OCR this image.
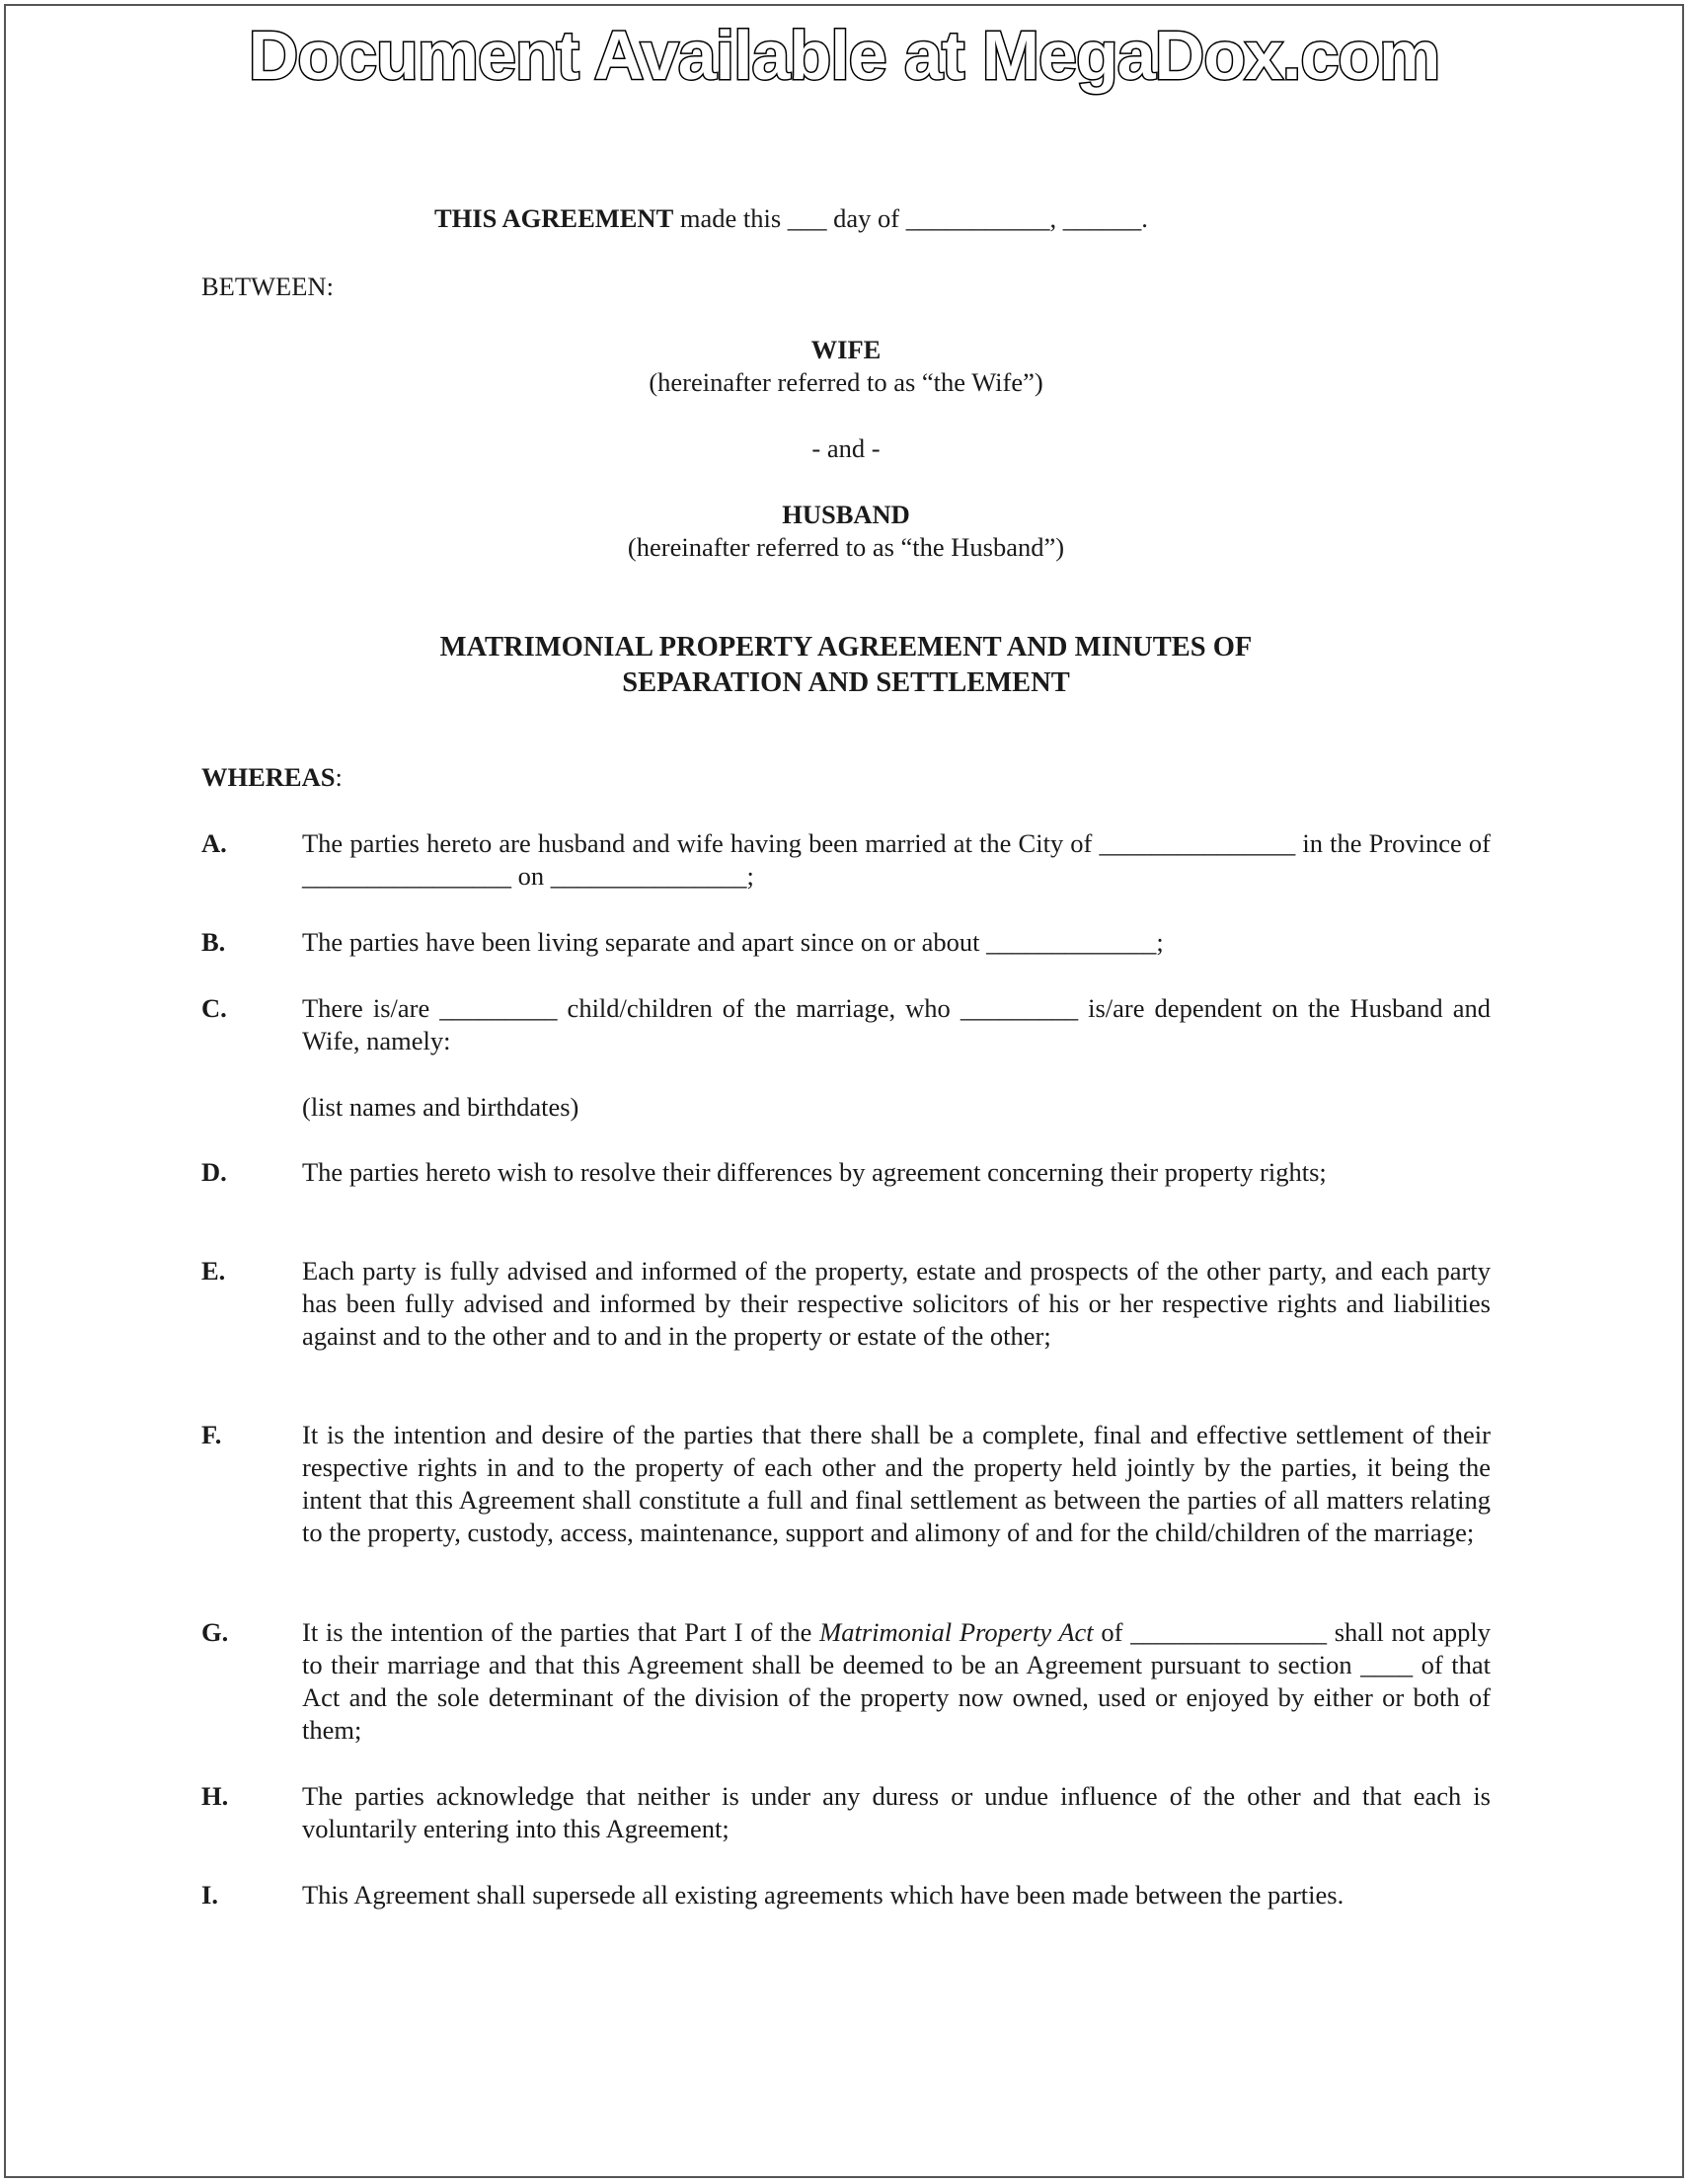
Document Available at MegaDox.com
THIS AGREEMENT made this ___ day of ___________, ______.
BETWEEN:
WIFE
(hereinafter referred to as “the Wife”)
- and -
HUSBAND
(hereinafter referred to as “the Husband”)
MATRIMONIAL PROPERTY AGREEMENT AND MINUTES OF
SEPARATION AND SETTLEMENT
WHEREAS:
A.	The parties hereto are husband and wife having been married at the City of _______________ in the Province of ________________ on _______________;
B.	The parties have been living separate and apart since on or about _____________;
C.	There is/are _________ child/children of the marriage, who _________ is/are dependent on the Husband and Wife, namely:
(list names and birthdates)
D.	The parties hereto wish to resolve their differences by agreement concerning their property rights;
E.	Each party is fully advised and informed of the property, estate and prospects of the other party, and each party has been fully advised and informed by their respective solicitors of his or her respective rights and liabilities against and to the other and to and in the property or estate of the other;
F.	It is the intention and desire of the parties that there shall be a complete, final and effective settlement of their respective rights in and to the property of each other and the property held jointly by the parties, it being the intent that this Agreement shall constitute a full and final settlement as between the parties of all matters relating to the property, custody, access, maintenance, support and alimony of and for the child/children of the marriage;
G.	It is the intention of the parties that Part I of the Matrimonial Property Act of _______________ shall not apply to their marriage and that this Agreement shall be deemed to be an Agreement pursuant to section ____ of that Act and the sole determinant of the division of the property now owned, used or enjoyed by either or both of them;
H.	The parties acknowledge that neither is under any duress or undue influence of the other and that each is voluntarily entering into this Agreement;
I.	This Agreement shall supersede all existing agreements which have been made between the parties.
